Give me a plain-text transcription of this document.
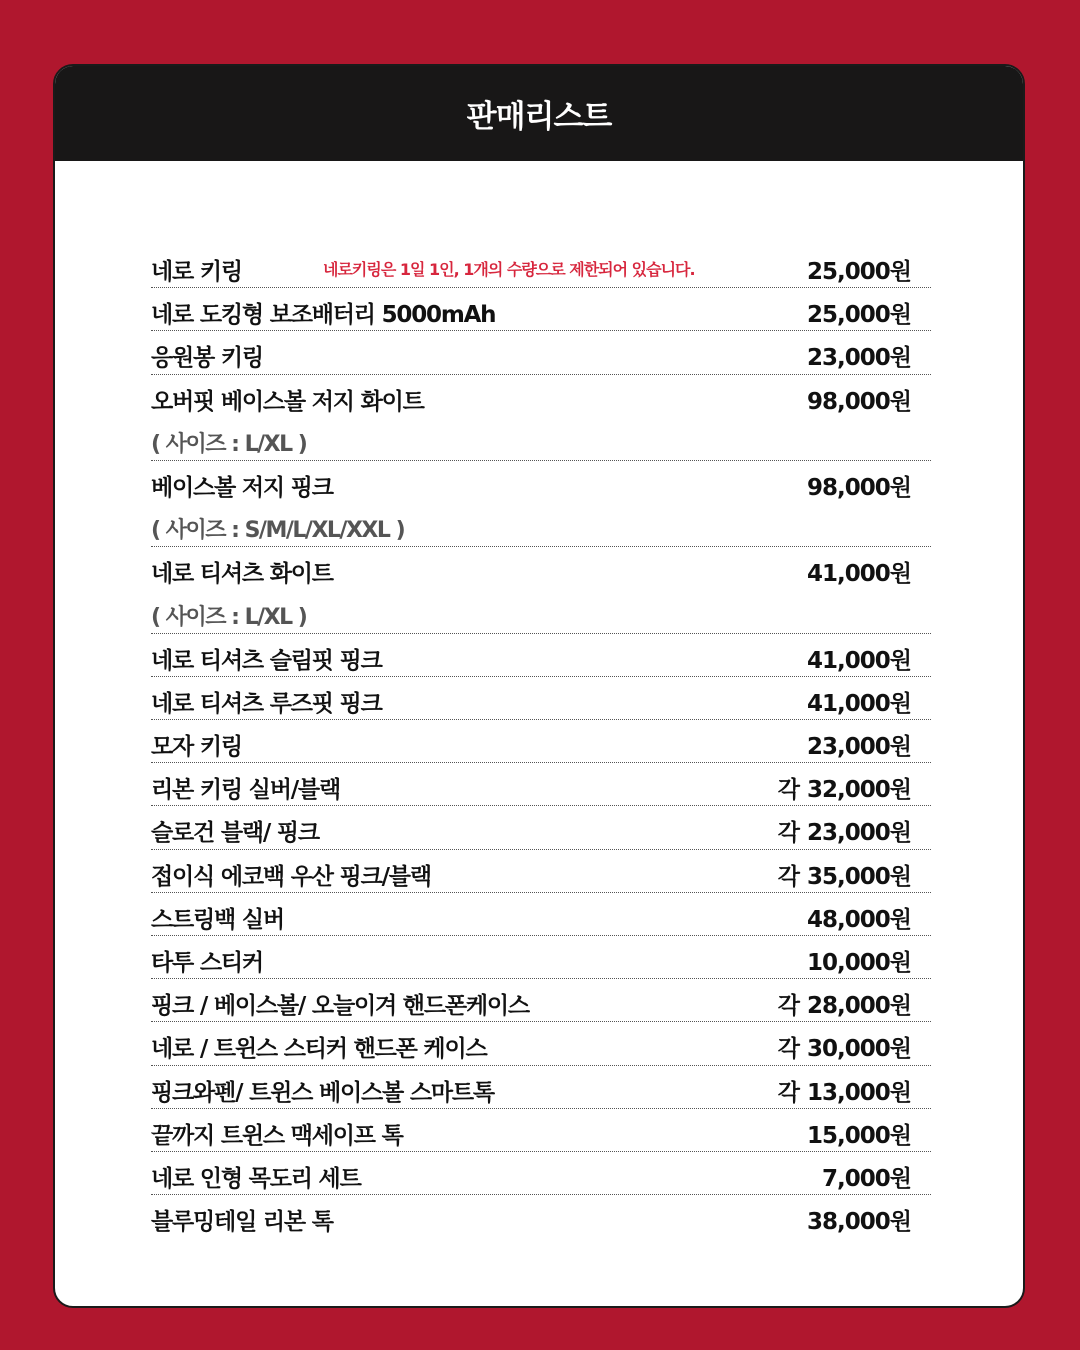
판매리스트
네로 키링	네로키링은 1일 1인, 1개의 수량으로 제한되어 있습니다.	25,000원
네로 도킹형 보조배터리 5000mAh	25,000원
응원봉 키링	23,000원
오버핏 베이스볼 저지 화이트	98,000원
( 사이즈 : L/XL )
베이스볼 저지 핑크	98,000원
( 사이즈 : S/M/L/XL/XXL )
네로 티셔츠 화이트	41,000원
( 사이즈 : L/XL )
네로 티셔츠 슬림핏 핑크	41,000원
네로 티셔츠 루즈핏 핑크	41,000원
모자 키링	23,000원
리본 키링 실버/블랙	각 32,000원
슬로건 블랙/ 핑크	각 23,000원
접이식 에코백 우산 핑크/블랙	각 35,000원
스트링백 실버	48,000원
타투 스티커	10,000원
핑크 / 베이스볼/ 오늘이겨 핸드폰케이스	각 28,000원
네로 / 트윈스 스티커 핸드폰 케이스	각 30,000원
핑크와펜/ 트윈스 베이스볼 스마트톡	각 13,000원
끝까지 트윈스 맥세이프 톡	15,000원
네로 인형 목도리 세트	7,000원
블루밍테일 리본 톡	38,000원
